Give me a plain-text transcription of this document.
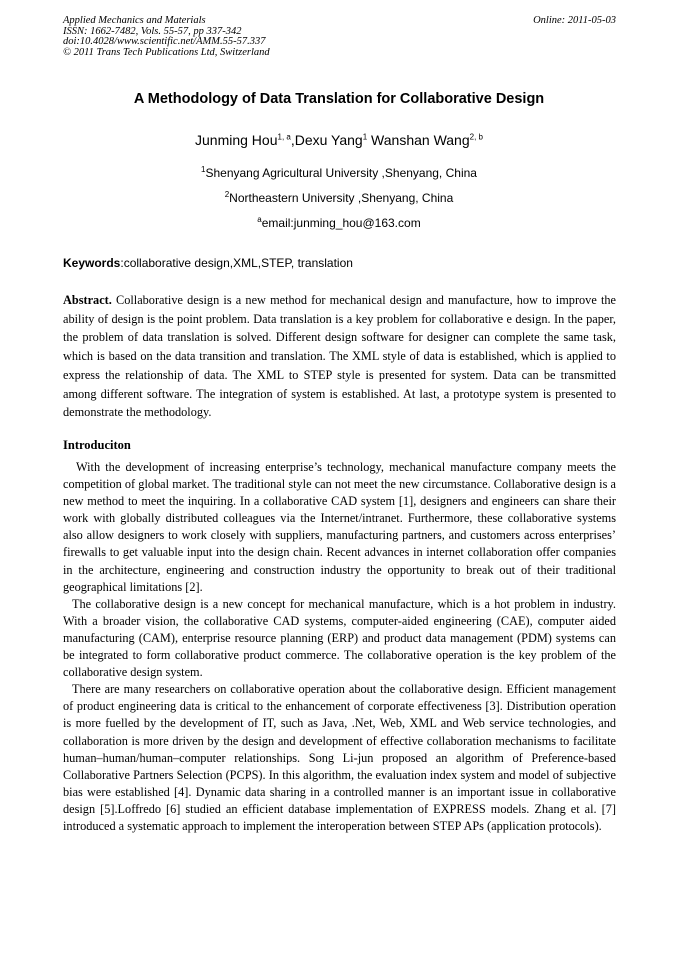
Applied Mechanics and Materials
ISSN: 1662-7482, Vols. 55-57, pp 337-342
doi:10.4028/www.scientific.net/AMM.55-57.337
© 2011 Trans Tech Publications Ltd, Switzerland
Online: 2011-05-03
A Methodology of Data Translation for Collaborative Design
Junming Hou$^{1, a}$,Dexu Yang$^1$ Wanshan Wang$^{2, b}$
$^1$Shenyang Agricultural University ,Shenyang, China
$^2$Northeastern University ,Shenyang, China
$^a$email:junming_hou@163.com
Keywords:collaborative design,XML,STEP, translation
Abstract. Collaborative design is a new method for mechanical design and manufacture, how to improve the ability of design is the point problem. Data translation is a key problem for collaborative e design. In the paper, the problem of data translation is solved. Different design software for designer can complete the same task, which is based on the data transition and translation. The XML style of data is established, which is applied to express the relationship of data. The XML to STEP style is presented for system. Data can be transmitted among different software. The integration of system is established. At last, a prototype system is presented to demonstrate the methodology.
Introduciton

With the development of increasing enterprise’s technology, mechanical manufacture company meets the competition of global market. The traditional style can not meet the new circumstance. Collaborative design is a new method to meet the inquiring. In a collaborative CAD system [1], designers and engineers can share their work with globally distributed colleagues via the Internet/intranet. Furthermore, these collaborative systems also allow designers to work closely with suppliers, manufacturing partners, and customers across enterprises’ firewalls to get valuable input into the design chain. Recent advances in internet collaboration offer companies in the architecture, engineering and construction industry the opportunity to break out of their traditional geographical limitations [2].

The collaborative design is a new concept for mechanical manufacture, which is a hot problem in industry. With a broader vision, the collaborative CAD systems, computer-aided engineering (CAE), computer aided manufacturing (CAM), enterprise resource planning (ERP) and product data management (PDM) systems can be integrated to form collaborative product commerce. The collaborative operation is the key problem of the collaborative design system.

There are many researchers on collaborative operation about the collaborative design. Efficient management of product engineering data is critical to the enhancement of corporate effectiveness [3]. Distribution operation is more fuelled by the development of IT, such as Java, .Net, Web, XML and Web service technologies, and collaboration is more driven by the design and development of effective collaboration mechanisms to facilitate human–human/human–computer relationships. Song Li-jun proposed an algorithm of Preference-based Collaborative Partners Selection (PCPS). In this algorithm, the evaluation index system and model of subjective bias were established [4]. Dynamic data sharing in a controlled manner is an important issue in collaborative design [5].Loffredo [6] studied an efficient database implementation of EXPRESS models. Zhang et al. [7] introduced a systematic approach to implement the interoperation between STEP APs (application protocols).
